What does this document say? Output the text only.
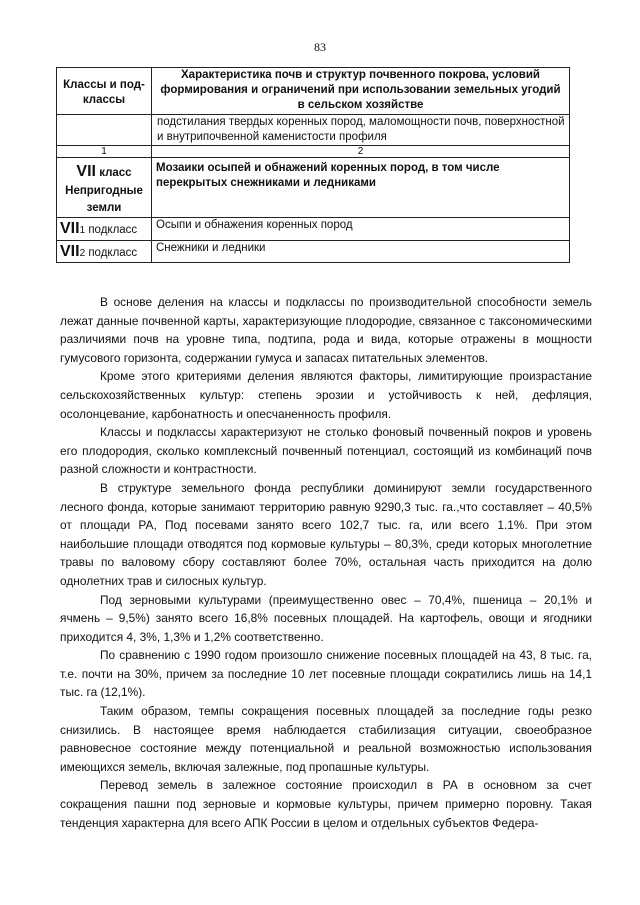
83
Классы и под-классы	Характеристика почв и структур почвенного покрова, условий формирования и ограничений при использовании земельных угодий в сельском хозяйстве
	подстилания твердых коренных пород, маломощности почв, поверхностной и внутрипочвенной каменистости профиля
1	2
VII класс
Непригодные
земли	Мозаики осыпей и обнажений коренных пород, в том числе перекрытых снежниками и ледниками
VII1 подкласс	Осыпи и обнажения коренных пород
VII2 подкласс	Снежники и ледники

В основе деления на классы и подклассы по производительной способности земель лежат данные почвенной карты, характеризующие плодородие, связанное с таксономическими различиями почв на уровне типа, подтипа, рода и вида, которые отражены в мощности гумусового горизонта, содержании гумуса и запасах питательных элементов.

Кроме этого критериями деления являются факторы, лимитирующие произрастание сельскохозяйственных культур: степень эрозии и устойчивость к ней, дефляция, осолонцевание, карбонатность и опесчаненность профиля.

Классы и подклассы характеризуют не столько фоновый почвенный покров и уровень его плодородия, сколько комплексный почвенный потенциал, состоящий из комбинаций почв разной сложности и контрастности.

В структуре земельного фонда республики доминируют земли государственного лесного фонда, которые занимают территорию равную 9290,3 тыс. га.,что составляет – 40,5% от площади РА, Под посевами занято всего 102,7 тыс. га, или всего 1.1%. При этом наибольшие площади отводятся под кормовые культуры – 80,3%, среди которых многолетние травы по валовому сбору составляют более 70%, остальная часть приходится на долю однолетних трав и силосных культур.

Под зерновыми культурами (преимущественно овес – 70,4%, пшеница – 20,1% и ячмень – 9,5%) занято всего 16,8% посевных площадей. На картофель, овощи и ягодники приходится 4, 3%, 1,3% и 1,2% соответственно.

По сравнению с 1990 годом произошло снижение посевных площадей на 43, 8 тыс. га, т.е. почти на 30%, причем за последние 10 лет посевные площади сократились лишь на 14,1 тыс. га (12,1%).

Таким образом, темпы сокращения посевных площадей за последние годы резко снизились. В настоящее время наблюдается стабилизация ситуации, своеобразное равновесное состояние между потенциальной и реальной возможностью использования имеющихся земель, включая залежные, под пропашные культуры.

Перевод земель в залежное состояние происходил в РА в основном за счет сокращения пашни под зерновые и кормовые культуры, причем примерно поровну. Такая тенденция характерна для всего АПК России в целом и отдельных субъектов Федера-
